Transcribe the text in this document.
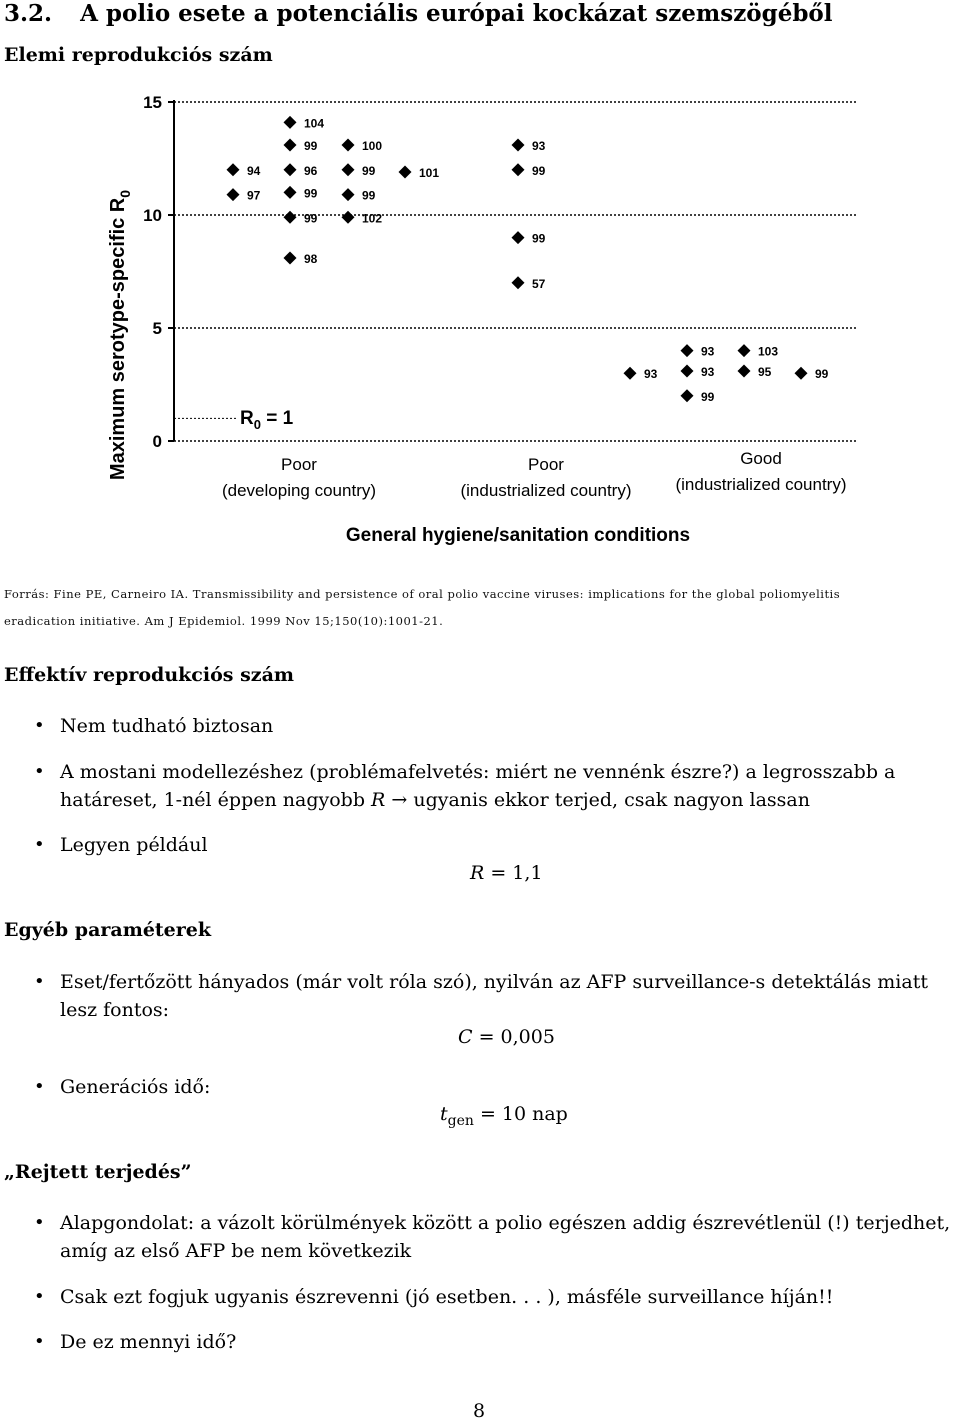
3.2. A polio esete a potenciális európai kockázat szemszögéből
Elemi reprodukciós szám
0
5
10
15
94
97
104
99
96
99
99
98
100
99
99
102
101
93
99
99
57
93
93
93
99
103
95	99
Maximum serotype-specific $R_0$
$R_0 = 1$
Poor
(developing country)
Poor
(industrialized country)
Good
(industrialized country)
General hygiene/sanitation conditions
Forrás: Fine PE, Carneiro IA. Transmissibility and persistence of oral polio vaccine viruses: implications for the global poliomyelitis
eradication initiative. Am J Epidemiol. 1999 Nov 15;150(10):1001-21.
Effektív reprodukciós szám
• Nem tudható biztosan
• A mostani modellezéshez (problémafelvetés: miért ne vennénk észre?) a legrosszabb a
határeset, 1-nél éppen nagyobb R → ugyanis ekkor terjed, csak nagyon lassan
• Legyen például
R = 1,1
Egyéb paraméterek
• Eset/fertőzött hányados (már volt róla szó), nyilván az AFP surveillance-s detektálás miatt
lesz fontos:
C = 0,005
• Generációs idő:
$t_{gen} = 10$ nap
„Rejtett terjedés”
• Alapgondolat: a vázolt körülmények között a polio egészen addig észrevétlenül (!) terjedhet,
amíg az első AFP be nem következik
• Csak ezt fogjuk ugyanis észrevenni (jó esetben. . . ), másféle surveillance híján!!
• De ez mennyi idő?
8
